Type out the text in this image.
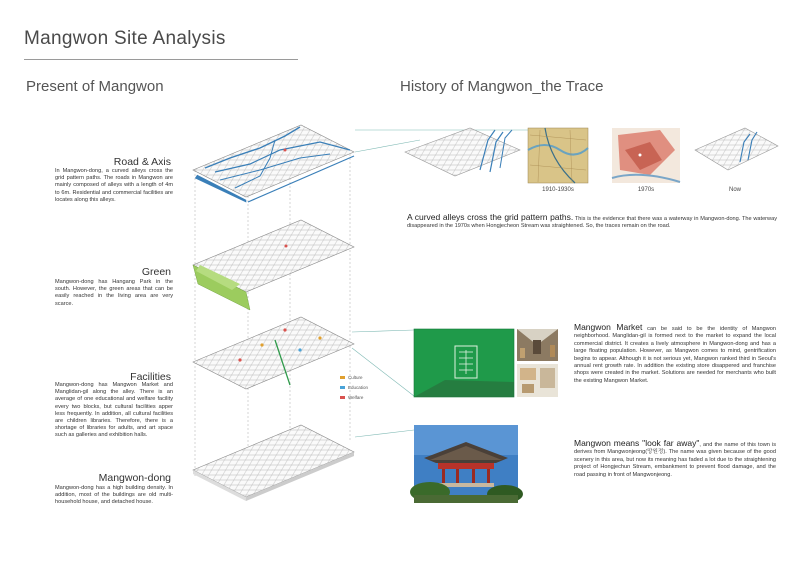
Mangwon Site Analysis
Present of Mangwon	History of Mangwon_the Trace
Road & Axis
In Mangwon-dong, a curved alleys cross the grid pattern paths. The roads in Mangwon are mainly composed of alleys with a length of 4m to 6m. Residential and commercial facilities are locates along this alleys.
Green
Mangwon-dong has Hangang Park in the south. However, the green areas that can be easily reached in the living area are very scarce.
Facilities
Mangwon-dong has Mangwon Market and Manglidan-gil along the alley. There is an average of one educational and welfare facility every two blocks, but cultural facilities apper less frequently. In addition, all cultural facilities are children libraries. Therefore, there is a shortage of libraries for adults, and art space such as galleries and exhibition halls.
Mangwon-dong
Mangwon-dong has a high building density. In addition, most of the buildings are old multi-household house, and detached house.
Culture
Education
Welfare
1910-1930s	1970s	Now
A curved alleys cross the grid pattern paths. This is the evidence that there was a waterway in Mangwon-dong. The waterway disappeared in the 1970s when Hongjecheon Stream was straightened. So, the traces remain on the road.
Mangwon Market can be said to be the identity of Mangwon neighborhood. Manglidan-gil is formed next to the market to expand the local commercial district. It creates a lively atmosphere in Mangwon-dong and has a large floating population. However, as Mangwon comes to mind, gentrification begins to appear. Although it is not serious yet, Mangwon ranked third in Seoul's annual rent growth rate. In addition the existing store disappered and franchise shops were created in the market. Solutions are needed for merchants who built the existing Mangwon Market.
Mangwon means "look far away", and the name of this town is derives from Mangwonjeong(망원정). The name was given because of the good scenery in this area, but now its meaning has faded a lot due to the straightening project of Hongjechun Stream, embankment to prevent flood damage, and the road passing in front of Mangwonjeong.
